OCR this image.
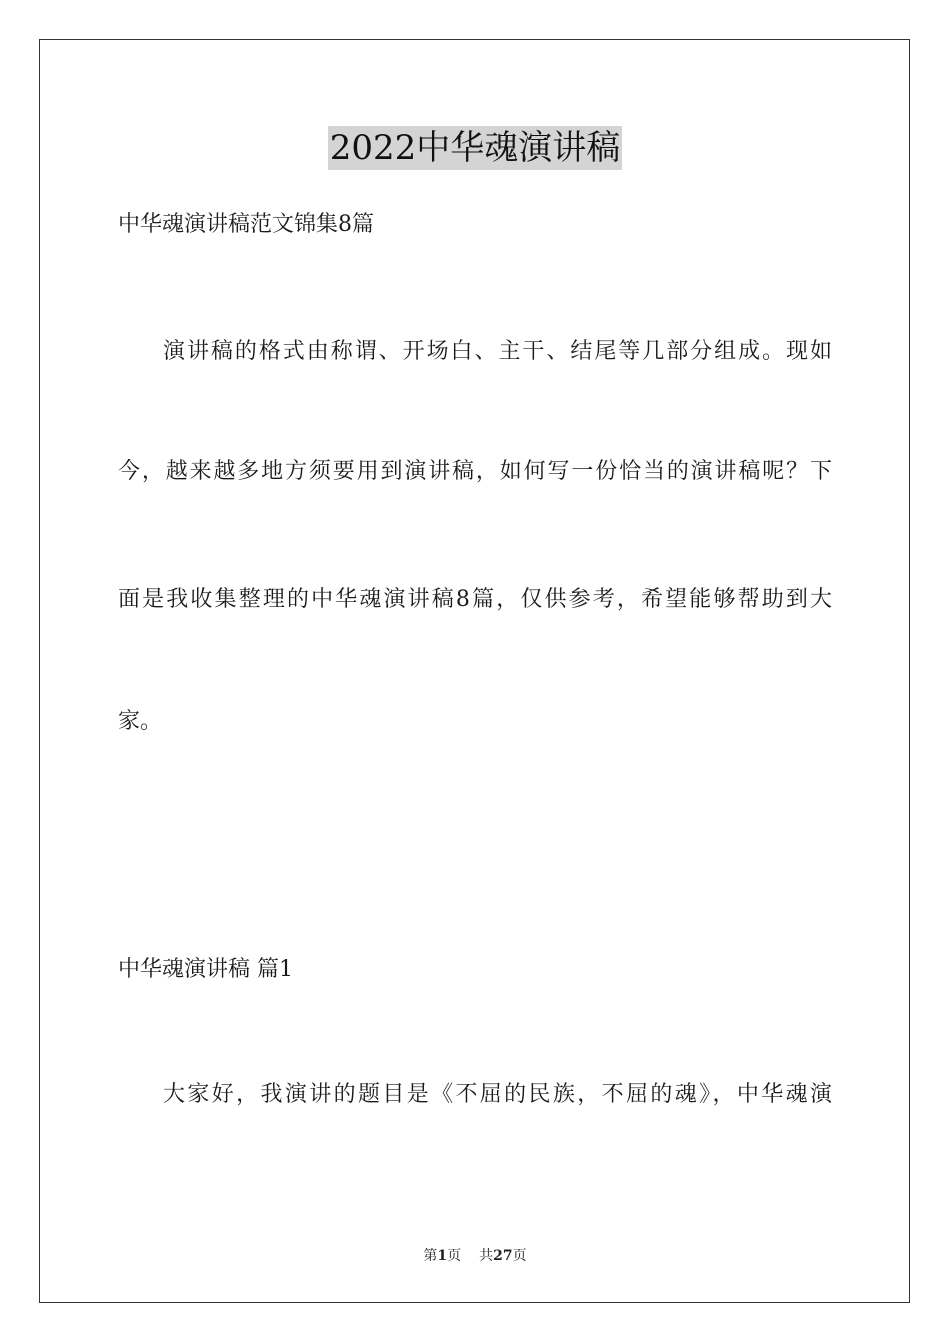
2022中华魂演讲稿
中华魂演讲稿范文锦集8篇
演讲稿的格式由称谓、开场白、主干、结尾等几部分组成。现如
今，越来越多地方须要用到演讲稿，如何写一份恰当的演讲稿呢？下
面是我收集整理的中华魂演讲稿8篇，仅供参考，希望能够帮助到大
家。
中华魂演讲稿 篇1
大家好，我演讲的题目是《不屈的民族，不屈的魂》，中华魂演
第1页 共27页
